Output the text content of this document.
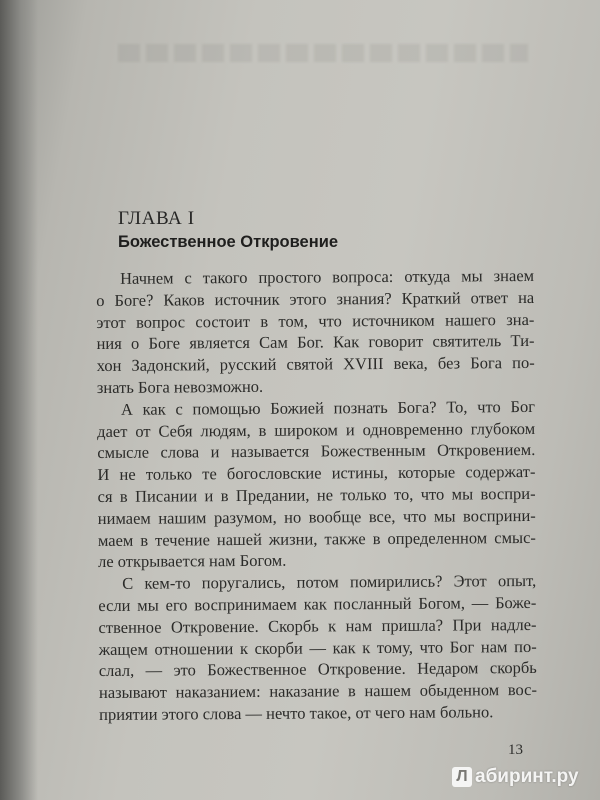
ГЛАВА I
Божественное Откровение

Начнем с такого простого вопроса: откуда мы знаем
о Боге? Каков источник этого знания? Краткий ответ на
этот вопрос состоит в том, что источником нашего зна-
ния о Боге является Сам Бог. Как говорит святитель Ти-
хон Задонский, русский святой XVIII века, без Бога по-
знать Бога невозможно.

А как с помощью Божией познать Бога? То, что Бог
дает от Себя людям, в широком и одновременно глубоком
смысле слова и называется Божественным Откровением.
И не только те богословские истины, которые содержат-
ся в Писании и в Предании, не только то, что мы воспри-
нимаем нашим разумом, но вообще все, что мы восприни-
маем в течение нашей жизни, также в определенном смыс-
ле открывается нам Богом.

С кем-то поругались, потом помирились? Этот опыт,
если мы его воспринимаем как посланный Богом, — Боже-
ственное Откровение. Скорбь к нам пришла? При надле-
жащем отношении к скорби — как к тому, что Бог нам по-
слал, — это Божественное Откровение. Недаром скорбь
называют наказанием: наказание в нашем обыденном вос-
приятии этого слова — нечто такое, от чего нам больно.

13
Л абиринт.ру
